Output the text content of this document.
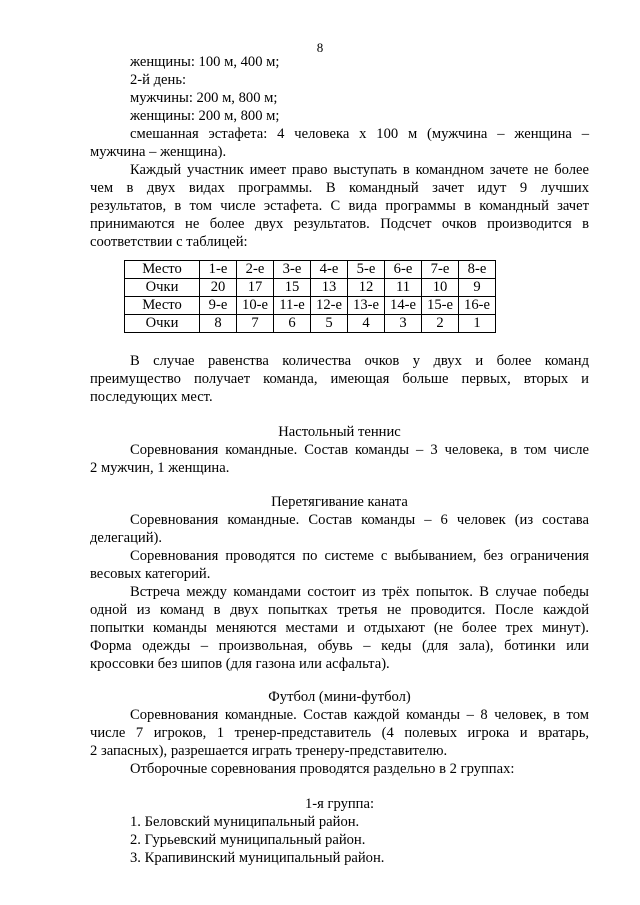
8
женщины: 100 м, 400 м;
2-й день:
мужчины: 200 м, 800 м;
женщины: 200 м, 800 м;
смешанная эстафета: 4 человека х 100 м (мужчина – женщина –
мужчина – женщина).
Каждый участник имеет право выступать в командном зачете не более
чем в двух видах программы. В командный зачет идут 9 лучших
результатов, в том числе эстафета. С вида программы в командный зачет
принимаются не более двух результатов. Подсчет очков производится в
соответствии с таблицей:
Место	1-е	2-е	3-е	4-е	5-е	6-е	7-е	8-е
Очки	20	17	15	13	12	11	10	9
Место	9-е	10-е	11-е	12-е	13-е	14-е	15-е	16-е
Очки	8	7	6	5	4	3	2	1
В случае равенства количества очков у двух и более команд
преимущество получает команда, имеющая больше первых, вторых и
последующих мест.
Настольный теннис
Соревнования командные. Состав команды – 3 человека, в том числе
2 мужчин, 1 женщина.
Перетягивание каната
Соревнования командные. Состав команды – 6 человек (из состава
делегаций).
Соревнования проводятся по системе с выбыванием, без ограничения
весовых категорий.
Встреча между командами состоит из трёх попыток. В случае победы
одной из команд в двух попытках третья не проводится. После каждой
попытки команды меняются местами и отдыхают (не более трех минут).
Форма одежды – произвольная, обувь – кеды (для зала), ботинки или
кроссовки без шипов (для газона или асфальта).
Футбол (мини-футбол)
Соревнования командные. Состав каждой команды – 8 человек, в том
числе 7 игроков, 1 тренер-представитель (4 полевых игрока и вратарь,
2 запасных), разрешается играть тренеру-представителю.
Отборочные соревнования проводятся раздельно в 2 группах:
1-я группа:
1. Беловский муниципальный район.
2. Гурьевский муниципальный район.
3. Крапивинский муниципальный район.
